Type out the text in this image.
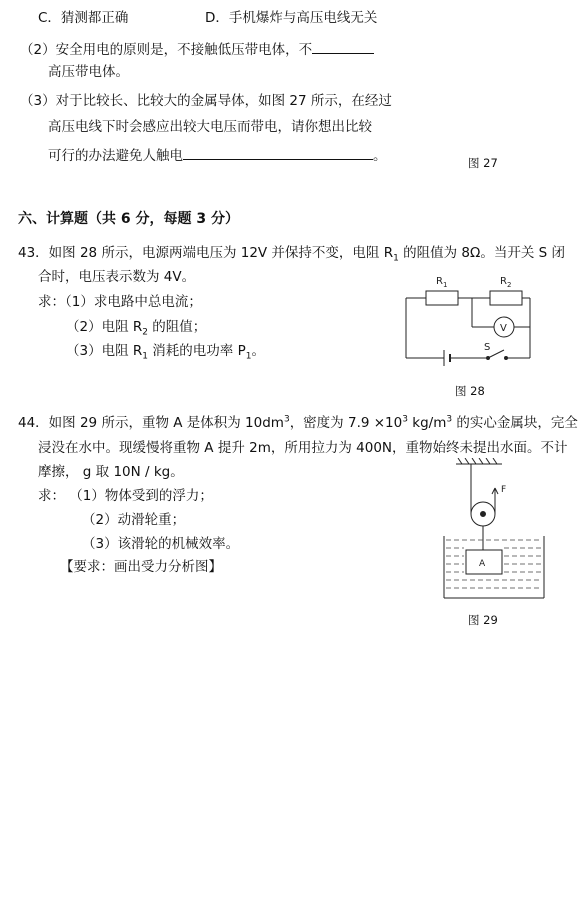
C．猜测都正确	D．手机爆炸与高压电线无关
（2）安全用电的原则是，不接触低压带电体，不
高压带电体。
（3）对于比较长、比较大的金属导体，如图 27 所示，在经过
高压电线下时会感应出较大电压而带电，请你想出比较
可行的办法避免人触电	。	图 27
六、计算题（共 6 分，每题 3 分）
43．如图 28 所示，电源两端电压为 12V 并保持不变，电阻 $R_1$ 的阻值为 8Ω。当开关 S 闭
合时，电压表示数为 4V。
求：（1）求电路中总电流；
（2）电阻 $R_2$ 的阻值；
（3）电阻 $R_1$ 消耗的电功率 $P_1$。
$R_1$	$R_2$
V
S
图 28
44．如图 29 所示，重物 A 是体积为 $10dm^3$，密度为 $7.9 \times 10^3$ $kg/m^3$ 的实心金属块，完全
浸没在水中。现缓慢将重物 A 提升 2m，所用拉力为 400N，重物始终未提出水面。不计
摩擦， g 取 10N / kg。
求： （1）物体受到的浮力；
（2）动滑轮重；
（3）该滑轮的机械效率。
【要求：画出受力分析图】
F
A
图 29
